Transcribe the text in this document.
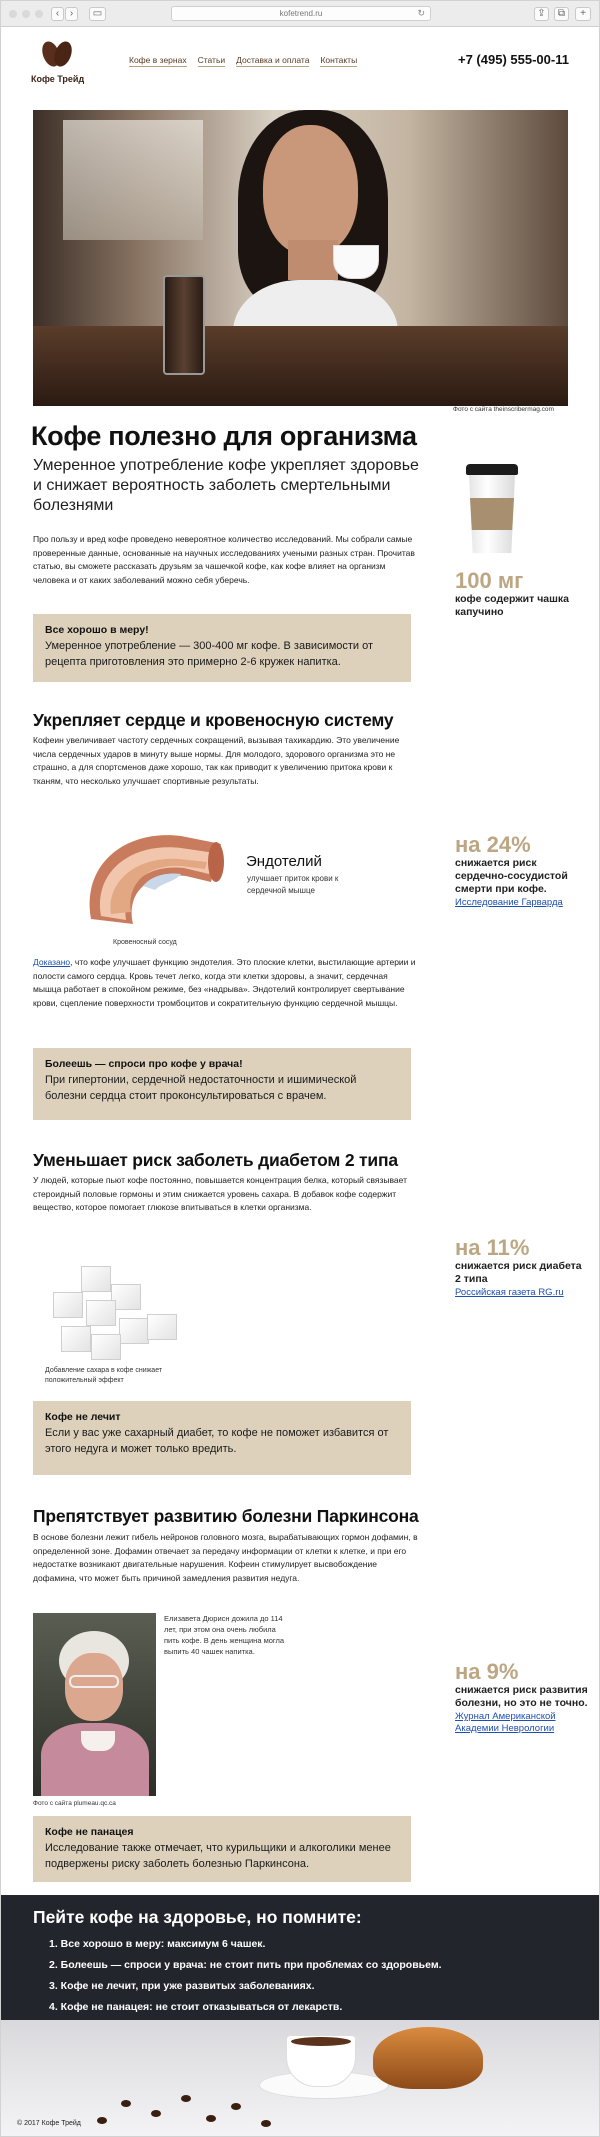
‹	›	▭	kofetrend.ru	↻	⇪	⧉	+
Кофе Трейд
Кофе в зернах Статьи Доставка и оплата Контакты	+7 (495) 555-00-11
Фото с сайта theinscribermag.com
Кофе полезно для организма

Умеренное употребление кофе укрепляет здоровье и снижает вероятность заболеть смертельными болезнями

Про пользу и вред кофе проведено невероятное количество исследований. Мы собрали самые проверенные данные, основанные на научных исследованиях учеными разных стран. Прочитав статью, вы сможете рассказать друзьям за чашечкой кофе, как кофе влияет на организм человека и от каких заболеваний можно себя уберечь.

Все хорошо в меру!
Умеренное употребление — 300-400 мг кофе. В зависимости от рецепта приготовления это примерно 2-6 кружек напитка.
100 мг
кофе содержит чашка капучино
Укрепляет сердце и кровеносную систему

Кофеин увеличивает частоту сердечных сокращений, вызывая тахикардию. Это увеличение числа сердечных ударов в минуту выше нормы. Для молодого, здорового организма это не страшно, а для спортсменов даже хорошо, так как приводит к увеличению притока крови к тканям, что несколько улучшает спортивные результаты.

Эндотелий
улучшает приток крови к сердечной мышце
Кровеносный сосуд

Доказано, что кофе улучшает функцию эндотелия. Это плоские клетки, выстилающие артерии и полости самого сердца. Кровь течет легко, когда эти клетки здоровы, а значит, сердечная мышца работает в спокойном режиме, без «надрыва». Эндотелий контролирует свертывание крови, сцепление поверхности тромбоцитов и сократительную функцию сердечной мышцы.

Болеешь — спроси про кофе у врача!
При гипертонии, сердечной недостаточности и ишимической болезни сердца стоит проконсультироваться с врачем.
на 24%
снижается риск сердечно-сосудистой смерти при кофе.
Исследование Гарварда
Уменьшает риск заболеть диабетом 2 типа

У людей, которые пьют кофе постоянно, повышается концентрация белка, который связывает стероидный половые гормоны и этим снижается уровень сахара. В добавок кофе содержит вещество, которое помогает глюкозе впитываться в клетки организма.

Добавление сахара в кофе снижает положительный эффект
Кофе не лечит
Если у вас уже сахарный диабет, то кофе не поможет избавится от этого недуга и может только вредить.
на 11%
снижается риск диабета 2 типа
Российская газета RG.ru
Препятствует развитию болезни Паркинсона

В основе болезни лежит гибель нейронов головного мозга, вырабатывающих гормон дофамин, в определенной зоне. Дофамин отвечает за передачу информации от клетки к клетке, и при его недостатке возникают двигательные нарушения. Кофеин стимулирует высвобождение дофамина, что может быть причиной замедления развития недуга.

Елизавета Дюрисн дожила до 114 лет, при этом она очень любила пить кофе. В день женщина могла выпить 40 чашек напитка.
Фото с сайта plumeau.qc.ca
Кофе не панацея
Исследование также отмечает, что курильщики и алкоголики менее подвержены риску заболеть болезнью Паркинсона.
на 9%
снижается риск развития болезни, но это не точно.
Журнал Американской Академии Неврологии
Пейте кофе на здоровье, но помните:
1. Все хорошо в меру: максимум 6 чашек.
2. Болеешь — спроси у врача: не стоит пить при проблемах со здоровьем.
3. Кофе не лечит, при уже развитых заболеваниях.
4. Кофе не панацея: не стоит отказываться от лекарств.
© 2017 Кофе Трейд
